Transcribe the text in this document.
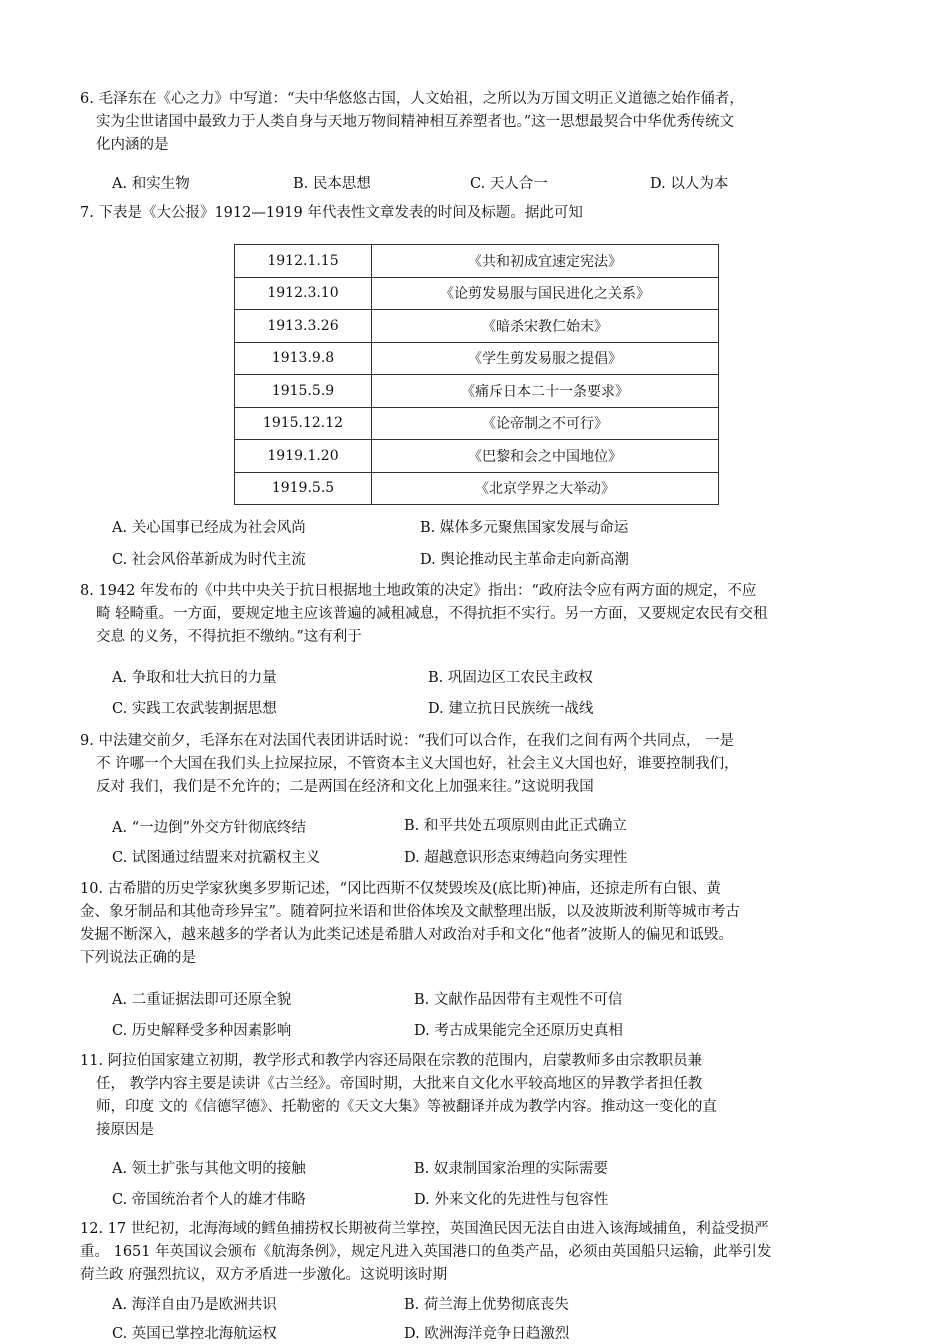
6. 毛泽东在《心之力》中写道：“夫中华悠悠古国，人文始祖，之所以为万国文明正义道德之始作俑者，
实为尘世诸国中最致力于人类自身与天地万物间精神相互养塑者也。”这一思想最契合中华优秀传统文
化内涵的是
A. 和实生物	B. 民本思想	C. 天人合一	D. 以人为本
7. 下表是《大公报》1912—1919 年代表性文章发表的时间及标题。据此可知
1912.1.15	《共和初成宜速定宪法》
1912.3.10	《论剪发易服与国民进化之关系》
1913.3.26	《暗杀宋教仁始末》
1913.9.8	《学生剪发易服之提倡》
1915.5.9	《痛斥日本二十一条要求》
1915.12.12	《论帝制之不可行》
1919.1.20	《巴黎和会之中国地位》
1919.5.5	《北京学界之大举动》
A. 关心国事已经成为社会风尚	B. 媒体多元聚焦国家发展与命运
C. 社会风俗革新成为时代主流	D. 舆论推动民主革命走向新高潮
8. 1942 年发布的《中共中央关于抗日根据地土地政策的决定》指出：“政府法令应有两方面的规定，不应
畸 轻畸重。一方面，要规定地主应该普遍的减租减息，不得抗拒不实行。另一方面，又要规定农民有交租
交息 的义务，不得抗拒不缴纳。”这有利于
A. 争取和壮大抗日的力量	B. 巩固边区工农民主政权
C. 实践工农武装割据思想	D. 建立抗日民族统一战线
9. 中法建交前夕，毛泽东在对法国代表团讲话时说：“我们可以合作，在我们之间有两个共同点， 一是
不 许哪一个大国在我们头上拉屎拉尿，不管资本主义大国也好，社会主义大国也好，谁要控制我们，
反对 我们，我们是不允许的；二是两国在经济和文化上加强来往。”这说明我国
A. “一边倒”外交方针彻底终结	B. 和平共处五项原则由此正式确立
C. 试图通过结盟来对抗霸权主义	D. 超越意识形态束缚趋向务实理性
10. 古希腊的历史学家狄奥多罗斯记述，“冈比西斯不仅焚毁埃及(底比斯)神庙，还掠走所有白银、黄
金、象牙制品和其他奇珍异宝”。随着阿拉米语和世俗体埃及文献整理出版，以及波斯波利斯等城市考古
发掘不断深入，越来越多的学者认为此类记述是希腊人对政治对手和文化“他者”波斯人的偏见和诋毁。
下列说法正确的是
A. 二重证据法即可还原全貌	B. 文献作品因带有主观性不可信
C. 历史解释受多种因素影响	D. 考古成果能完全还原历史真相
11. 阿拉伯国家建立初期，教学形式和教学内容还局限在宗教的范围内，启蒙教师多由宗教职员兼
任， 教学内容主要是读讲《古兰经》。帝国时期，大批来自文化水平较高地区的异教学者担任教
师，印度 文的《信德罕德》、托勒密的《天文大集》等被翻译并成为教学内容。推动这一变化的直
接原因是
A. 领土扩张与其他文明的接触	B. 奴隶制国家治理的实际需要
C. 帝国统治者个人的雄才伟略	D. 外来文化的先进性与包容性
12. 17 世纪初，北海海域的鳕鱼捕捞权长期被荷兰掌控，英国渔民因无法自由进入该海域捕鱼，利益受损严
重。 1651 年英国议会颁布《航海条例》，规定凡进入英国港口的鱼类产品，必须由英国船只运输，此举引发
荷兰政 府强烈抗议，双方矛盾进一步激化。这说明该时期
A. 海洋自由乃是欧洲共识	B. 荷兰海上优势彻底丧失
C. 英国已掌控北海航运权	D. 欧洲海洋竞争日趋激烈
